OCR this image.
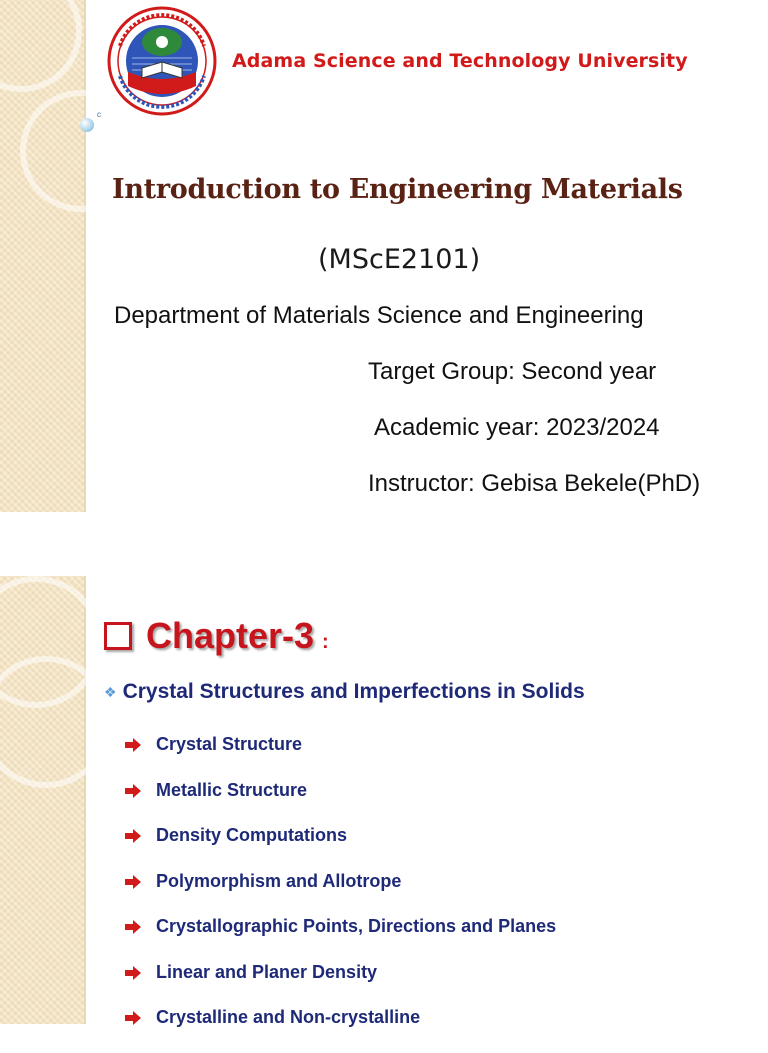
c
Adama Science and Technology University
Introduction to Engineering Materials
(MScE2101)
Department of Materials Science and Engineering
Target Group: Second year
Academic year: 2023/2024
Instructor: Gebisa Bekele(PhD)
Chapter-3 :
❖ Crystal Structures and Imperfections in Solids
Crystal Structure
Metallic Structure
Density Computations
Polymorphism and Allotrope
Crystallographic Points, Directions and Planes
Linear and Planer Density
Crystalline and Non-crystalline
